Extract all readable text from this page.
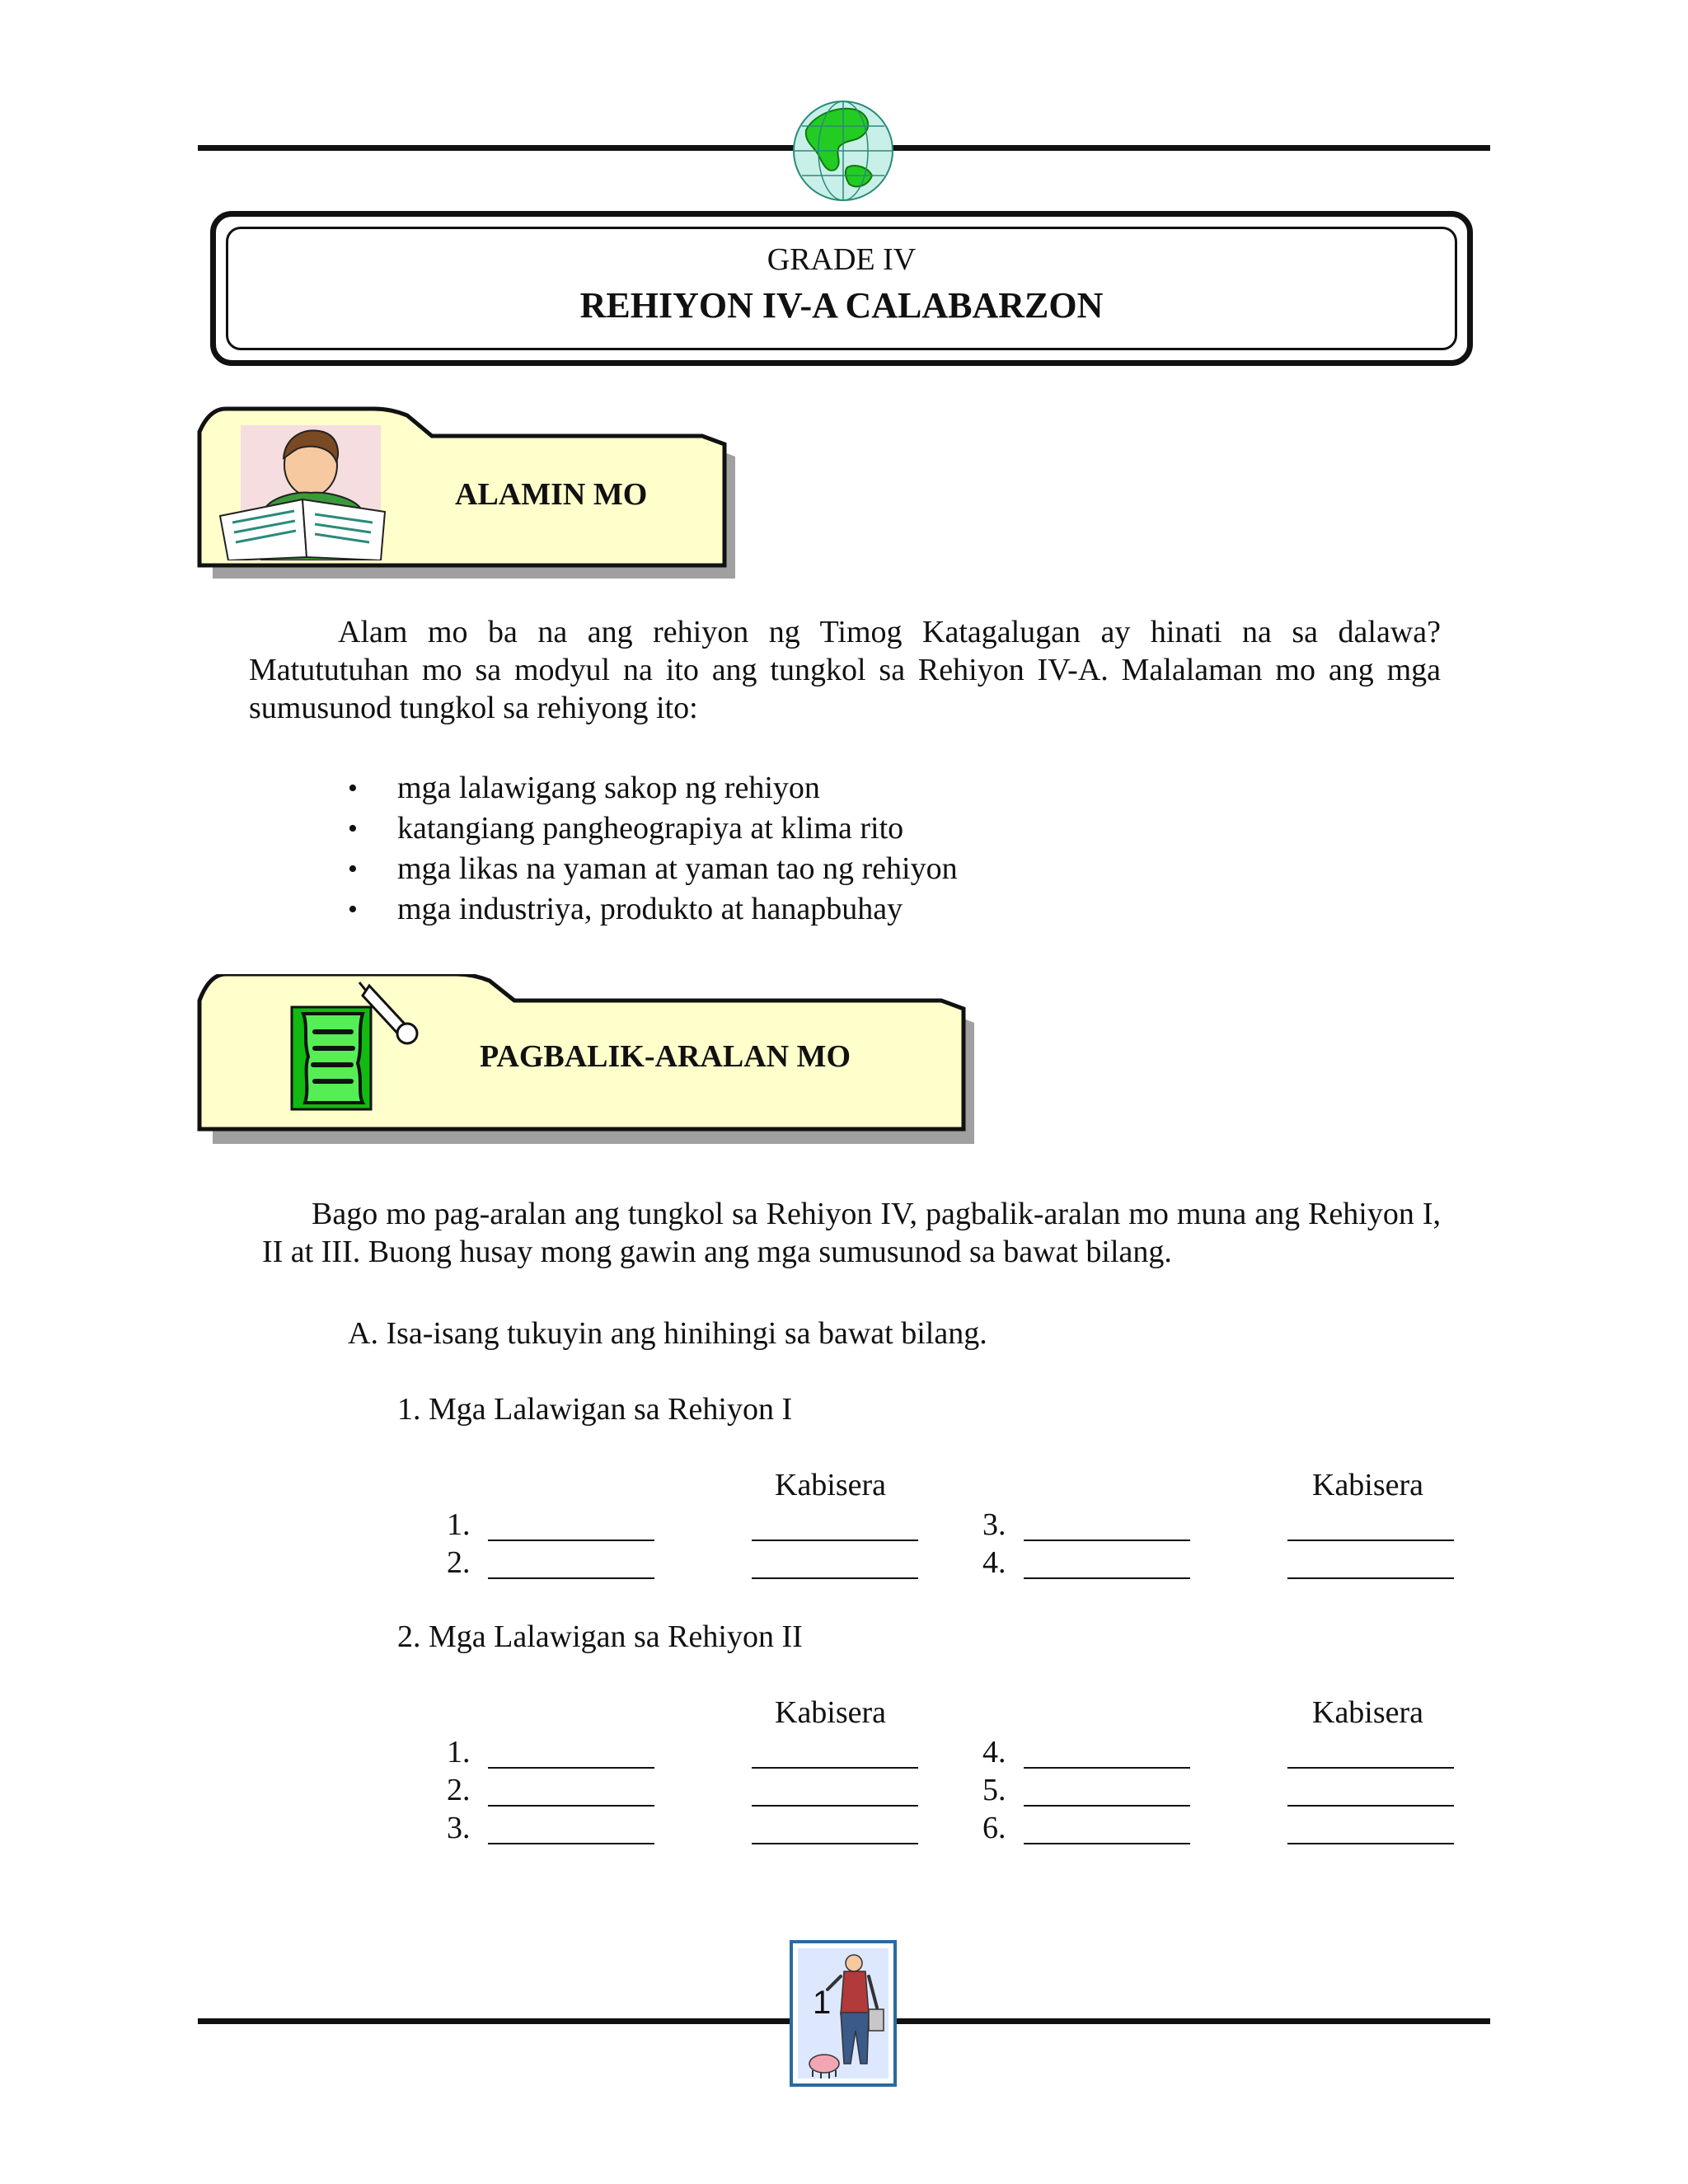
GRADE IV
REHIYON IV-A CALABARZON
ALAMIN MO
Alam mo ba na ang rehiyon ng Timog Katagalugan ay hinati na sa dalawa? Matututuhan mo sa modyul na ito ang tungkol sa Rehiyon IV-A. Malalaman mo ang mga sumusunod tungkol sa rehiyong ito:
• mga lalawigang sakop ng rehiyon
• katangiang pangheograpiya at klima rito
• mga likas na yaman at yaman tao ng rehiyon
• mga industriya, produkto at hanapbuhay
PAGBALIK-ARALAN MO
Bago mo pag-aralan ang tungkol sa Rehiyon IV, pagbalik-aralan mo muna ang Rehiyon I, II at III. Buong husay mong gawin ang mga sumusunod sa bawat bilang.
A. Isa-isang tukuyin ang hinihingi sa bawat bilang.
1. Mga Lalawigan sa Rehiyon I
Kabisera	Kabisera
1.	3.
2.	4.
2. Mga Lalawigan sa Rehiyon II
Kabisera	Kabisera
1.	4.
2.	5.
3.	6.
1
